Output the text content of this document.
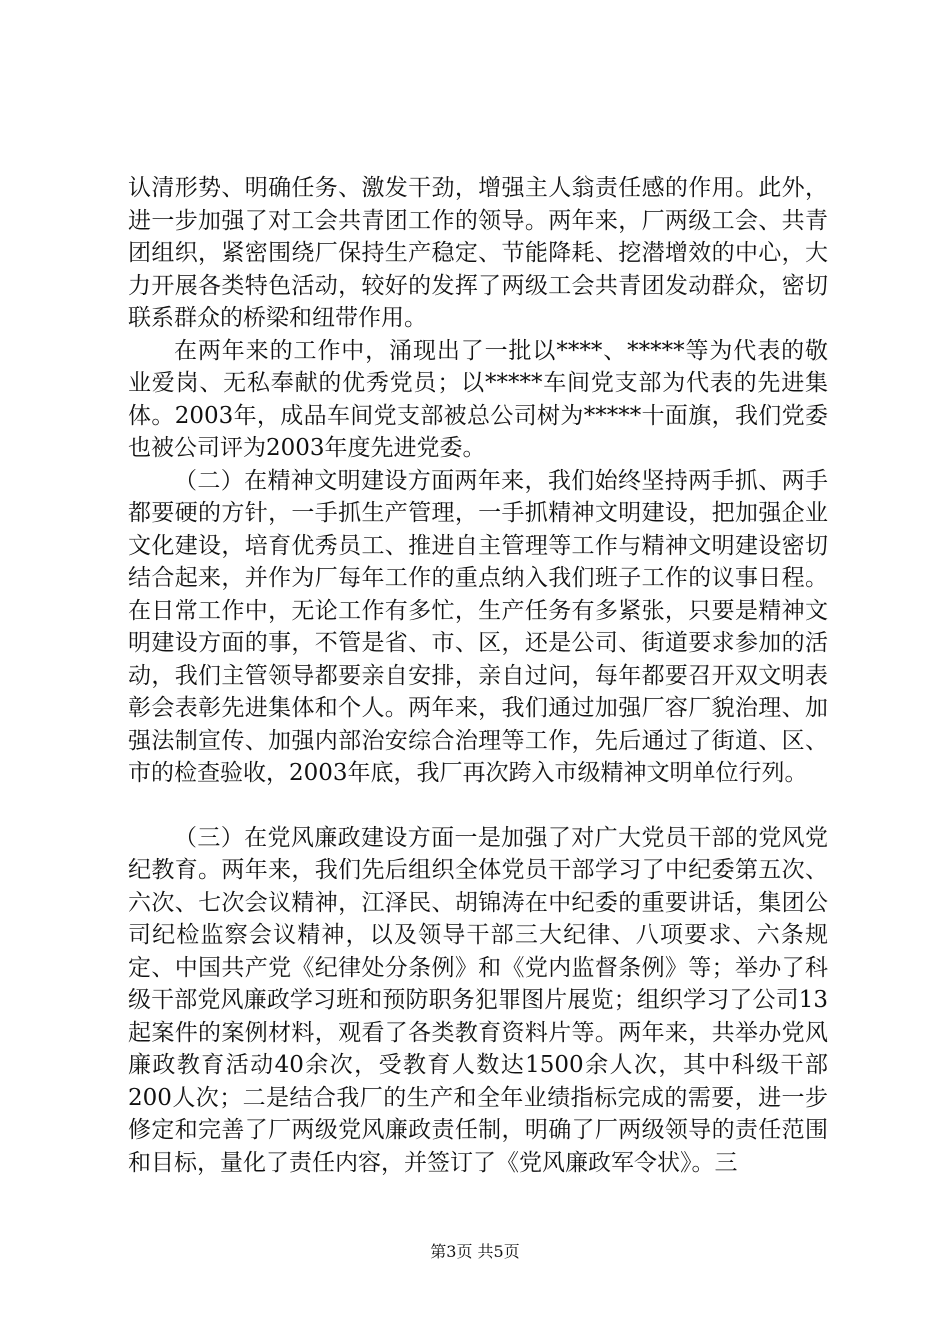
认清形势、明确任务、激发干劲，增强主人翁责任感的作用。此外，进一步加强了对工会共青团工作的领导。两年来，厂两级工会、共青团组织，紧密围绕厂保持生产稳定、节能降耗、挖潜增效的中心，大力开展各类特色活动，较好的发挥了两级工会共青团发动群众，密切联系群众的桥梁和纽带作用。

在两年来的工作中，涌现出了一批以****、*****等为代表的敬业爱岗、无私奉献的优秀党员；以*****车间党支部为代表的先进集体。2003年，成品车间党支部被总公司树为*****十面旗，我们党委也被公司评为2003年度先进党委。

（二）在精神文明建设方面两年来，我们始终坚持两手抓、两手都要硬的方针，一手抓生产管理，一手抓精神文明建设，把加强企业文化建设，培育优秀员工、推进自主管理等工作与精神文明建设密切结合起来，并作为厂每年工作的重点纳入我们班子工作的议事日程。在日常工作中，无论工作有多忙，生产任务有多紧张，只要是精神文明建设方面的事，不管是省、市、区，还是公司、街道要求参加的活动，我们主管领导都要亲自安排，亲自过问，每年都要召开双文明表彰会表彰先进集体和个人。两年来，我们通过加强厂容厂貌治理、加强法制宣传、加强内部治安综合治理等工作，先后通过了街道、区、市的检查验收，2003年底，我厂再次跨入市级精神文明单位行列。

（三）在党风廉政建设方面一是加强了对广大党员干部的党风党纪教育。两年来，我们先后组织全体党员干部学习了中纪委第五次、六次、七次会议精神，江泽民、胡锦涛在中纪委的重要讲话，集团公司纪检监察会议精神，以及领导干部三大纪律、八项要求、六条规定、中国共产党《纪律处分条例》和《党内监督条例》等；举办了科级干部党风廉政学习班和预防职务犯罪图片展览；组织学习了公司13起案件的案例材料，观看了各类教育资料片等。两年来，共举办党风廉政教育活动40余次，受教育人数达1500余人次，其中科级干部200人次；二是结合我厂的生产和全年业绩指标完成的需要，进一步修定和完善了厂两级党风廉政责任制，明确了厂两级领导的责任范围和目标，量化了责任内容，并签订了《党风廉政军令状》。三

第3页 共5页
